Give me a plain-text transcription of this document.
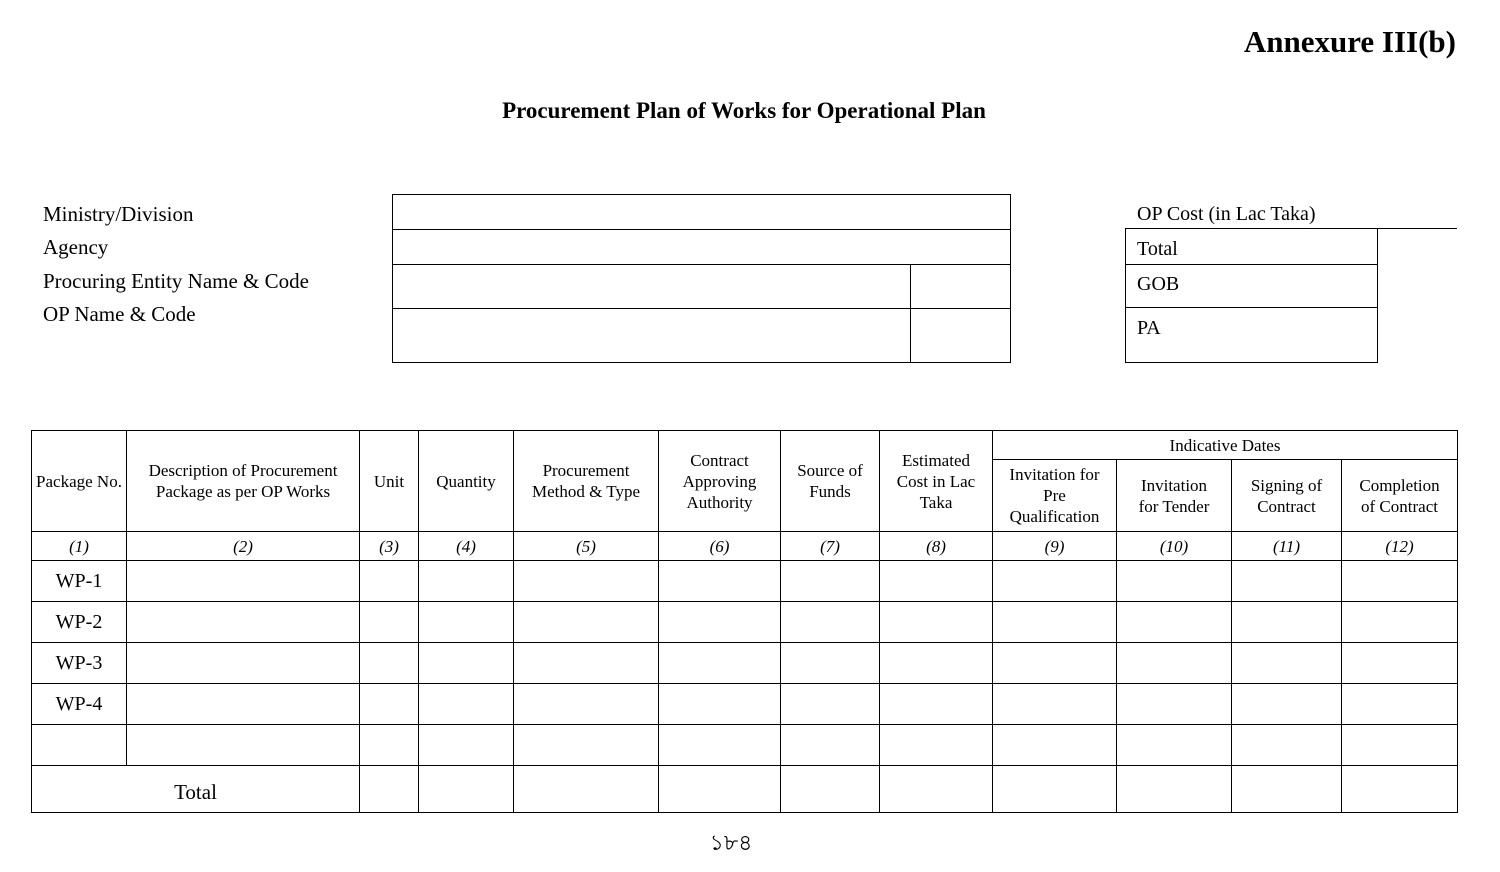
Annexure III(b)
Procurement Plan of Works for Operational Plan
Ministry/Division
Agency
Procuring Entity Name & Code
OP Name & Code
OP Cost (in Lac Taka)
Total
GOB
PA
Package No.	Description of Procurement Package as per OP Works	Unit	Quantity	Procurement Method & Type	Contract Approving Authority	Source of Funds	Estimated Cost in Lac Taka	Indicative Dates			
								Invitation for Pre Qualification	Invitation for Tender	Signing of Contract	Completion of Contract
(1)	(2)	(3)	(4)	(5)	(6)	(7)	(8)	(9)	(10)	(11)	(12)
WP-1											
WP-2											
WP-3											
WP-4											

Total											
১৮৪
